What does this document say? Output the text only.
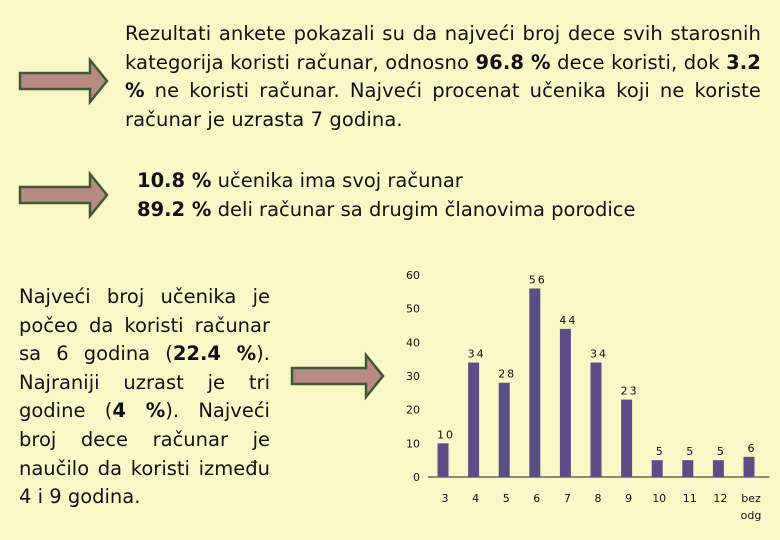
Rezultati ankete pokazali su da najveći broj dece svih starosnih kategorija koristi računar, odnosno 96.8 % dece koristi, dok 3.2 % ne koristi računar. Najveći procenat učenika koji ne koriste računar je uzrasta 7 godina.
10.8 % učenika ima svoj računar
89.2 % deli računar sa drugim članovima porodice
Najveći broj učenika je počeo da koristi računar sa 6 godina (22.4 %). Najraniji uzrast je tri godine (4 %). Najveći broj dece računar je naučilo da koristi između 4 i 9 godina.
0
10
20
30
40
50
60
10
3
34
4
28
5
56
6
44
7
34
8
23
9
5
10
5
11
5
12
6
bez
odg
